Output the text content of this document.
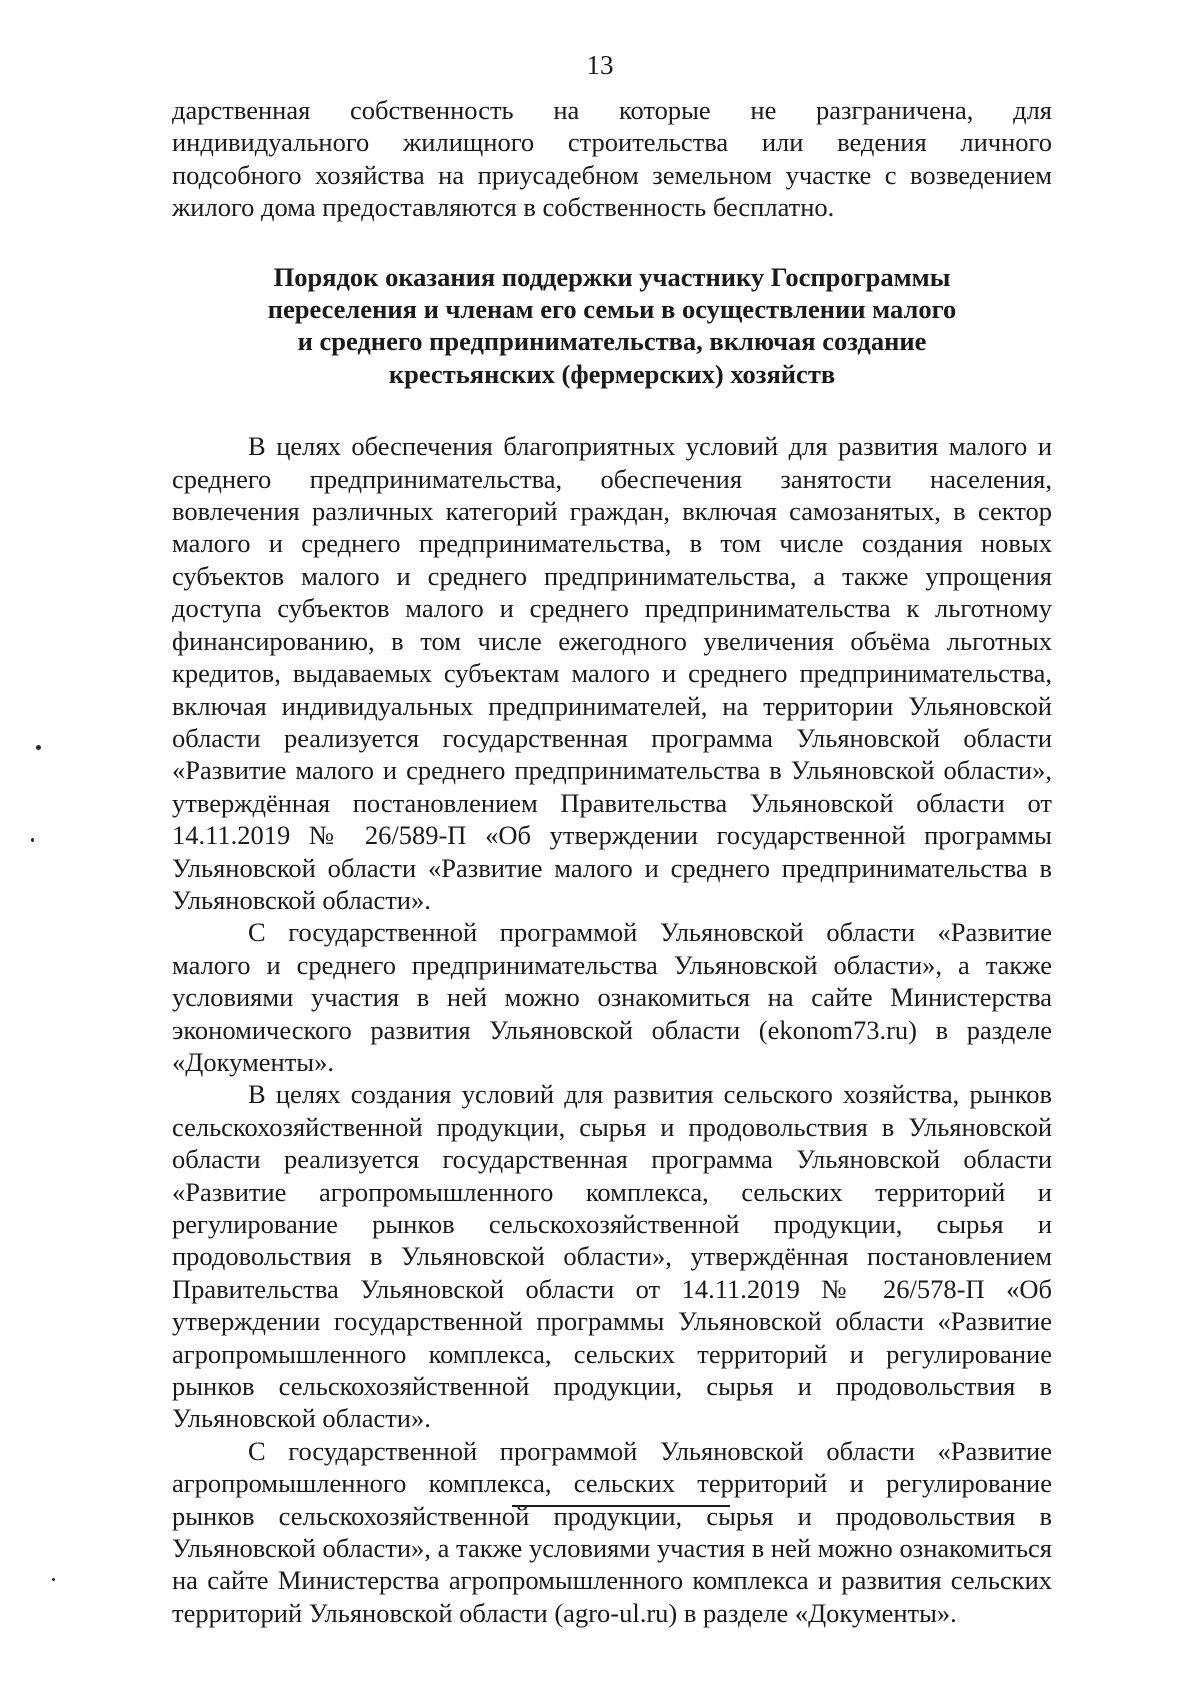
13

дарственная собственность на которые не разграничена, для индивидуального жилищного строительства или ведения личного подсобного хозяйства на приусадебном земельном участке с возведением жилого дома предоставляются в собственность бесплатно.

Порядок оказания поддержки участнику Госпрограммы
переселения и членам его семьи в осуществлении малого
и среднего предпринимательства, включая создание
крестьянских (фермерских) хозяйств

В целях обеспечения благоприятных условий для развития малого и среднего предпринимательства, обеспечения занятости населения, вовлечения различных категорий граждан, включая самозанятых, в сектор малого и среднего предпринимательства, в том числе создания новых субъектов малого и среднего предпринимательства, а также упрощения доступа субъектов малого и среднего предпринимательства к льготному финансированию, в том числе ежегодного увеличения объёма льготных кредитов, выдаваемых субъектам малого и среднего предпринимательства, включая индивидуальных предпринимателей, на территории Ульяновской области реализуется государственная программа Ульяновской области «Развитие малого и среднего предпринимательства в Ульяновской области», утверждённая постановлением Правительства Ульяновской области от 14.11.2019 № 26/589-П «Об утверждении государственной программы Ульяновской области «Развитие малого и среднего предпринимательства в Ульяновской области».

С государственной программой Ульяновской области «Развитие малого и среднего предпринимательства Ульяновской области», а также условиями участия в ней можно ознакомиться на сайте Министерства экономического развития Ульяновской области (ekonom73.ru) в разделе «Документы».

В целях создания условий для развития сельского хозяйства, рынков сельскохозяйственной продукции, сырья и продовольствия в Ульяновской области реализуется государственная программа Ульяновской области «Развитие агропромышленного комплекса, сельских территорий и регулирование рынков сельскохозяйственной продукции, сырья и продовольствия в Ульяновской области», утверждённая постановлением Правительства Ульяновской области от 14.11.2019 № 26/578-П «Об утверждении государственной программы Ульяновской области «Развитие агропромышленного комплекса, сельских территорий и регулирование рынков сельскохозяйственной продукции, сырья и продовольствия в Ульяновской области».

С государственной программой Ульяновской области «Развитие агропромышленного комплекса, сельских территорий и регулирование рынков сельскохозяйственной продукции, сырья и продовольствия в Ульяновской области», а также условиями участия в ней можно ознакомиться на сайте Министерства агропромышленного комплекса и развития сельских территорий Ульяновской области (agro-ul.ru) в разделе «Документы».
